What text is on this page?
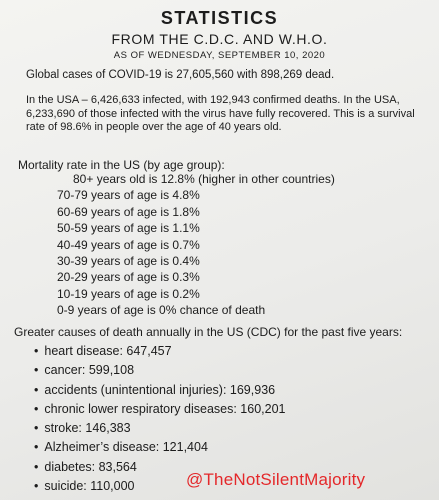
STATISTICS
FROM THE C.D.C. AND W.H.O.
AS OF WEDNESDAY, SEPTEMBER 10, 2020
Global cases of COVID-19 is 27,605,560 with 898,269 dead.
In the USA – 6,426,633 infected, with 192,943 confirmed deaths. In the USA, 6,233,690 of those infected with the virus have fully recovered. This is a survival rate of 98.6% in people over the age of 40 years old.
Mortality rate in the US (by age group):
80+ years old is 12.8% (higher in other countries)
70-79 years of age is 4.8%
60-69 years of age is 1.8%
50-59 years of age is 1.1%
40-49 years of age is 0.7%
30-39 years of age is 0.4%
20-29 years of age is 0.3%
10-19 years of age is 0.2%
0-9 years of age is 0% chance of death
Greater causes of death annually in the US (CDC) for the past five years:
• heart disease: 647,457
• cancer: 599,108
• accidents (unintentional injuries): 169,936
• chronic lower respiratory diseases: 160,201
• stroke: 146,383
• Alzheimer’s disease: 121,404
• diabetes: 83,564
• suicide: 110,000	@TheNotSilentMajority
